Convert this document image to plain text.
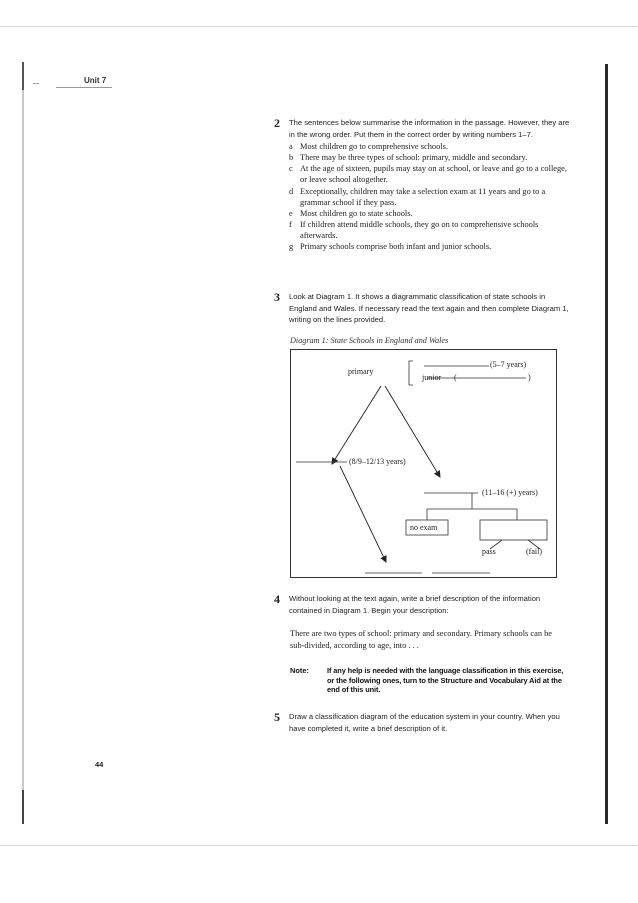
Unit 7
2 The sentences below summarise the information in the passage. However, they are in the wrong order. Put them in the correct order by writing numbers 1–7.
a Most children go to comprehensive schools.
b There may be three types of school: primary, middle and secondary.
c At the age of sixteen, pupils may stay on at school, or leave and go to a college, or leave school altogether.
d Exceptionally, children may take a selection exam at 11 years and go to a grammar school if they pass.
e Most children go to state schools.
f If children attend middle schools, they go on to comprehensive schools afterwards.
g Primary schools comprise both infant and junior schools.
3 Look at Diagram 1. It shows a diagrammatic classification of state schools in England and Wales. If necessary read the text again and then complete Diagram 1, writing on the lines provided.
Diagram 1: State Schools in England and Wales
primary
(5–7 years)
junior (	)
(8/9–12/13 years)
(11–16 (+) years)
no exam
pass	(fail)
4 Without looking at the text again, write a brief description of the information contained in Diagram 1. Begin your description:
There are two types of school: primary and secondary. Primary schools can be sub-divided, according to age, into . . .
Note: If any help is needed with the language classification in this exercise, or the following ones, turn to the Structure and Vocabulary Aid at the end of this unit.
5 Draw a classification diagram of the education system in your country. When you have completed it, write a brief description of it.
44
